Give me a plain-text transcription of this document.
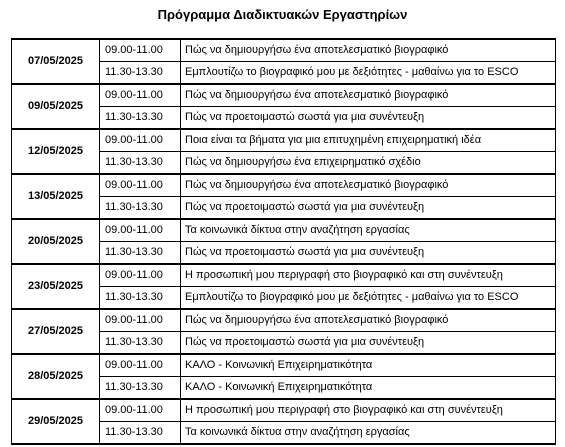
Πρόγραμμα Διαδικτυακών Εργαστηρίων
07/05/2025	09.00-11.00	Πώς να δημιουργήσω ένα αποτελεσματικό βιογραφικό
	11.30-13.30	Εμπλουτίζω το βιογραφικό μου με δεξιότητες - μαθαίνω για το ESCO
09/05/2025	09.00-11.00	Πώς να δημιουργήσω ένα αποτελεσματικό βιογραφικό
	11.30-13.30	Πώς να προετοιμαστώ σωστά για μια συνέντευξη
12/05/2025	09.00-11.00	Ποια είναι τα βήματα για μια επιτυχημένη επιχειρηματική ιδέα
	11.30-13.30	Πώς να δημιουργήσω ένα επιχειρηματικό σχέδιο
13/05/2025	09.00-11.00	Πώς να δημιουργήσω ένα αποτελεσματικό βιογραφικό
	11.30-13.30	Πώς να προετοιμαστώ σωστά για μια συνέντευξη
20/05/2025	09.00-11.00	Τα κοινωνικά δίκτυα στην αναζήτηση εργασίας
	11.30-13.30	Πώς να προετοιμαστώ σωστά για μια συνέντευξη
23/05/2025	09.00-11.00	Η προσωπική μου περιγραφή στο βιογραφικό και στη συνέντευξη
	11.30-13.30	Εμπλουτίζω το βιογραφικό μου με δεξιότητες - μαθαίνω για το ESCO
27/05/2025	09.00-11.00	Πώς να δημιουργήσω ένα αποτελεσματικό βιογραφικό
	11.30-13.30	Πώς να προετοιμαστώ σωστά για μια συνέντευξη
28/05/2025	09.00-11.00	ΚΑΛΟ - Κοινωνική Επιχειρηματικότητα
	11.30-13.30	ΚΑΛΟ - Κοινωνική Επιχειρηματικότητα
29/05/2025	09.00-11.00	Η προσωπική μου περιγραφή στο βιογραφικό και στη συνέντευξη
	11.30-13.30	Τα κοινωνικά δίκτυα στην αναζήτηση εργασίας
